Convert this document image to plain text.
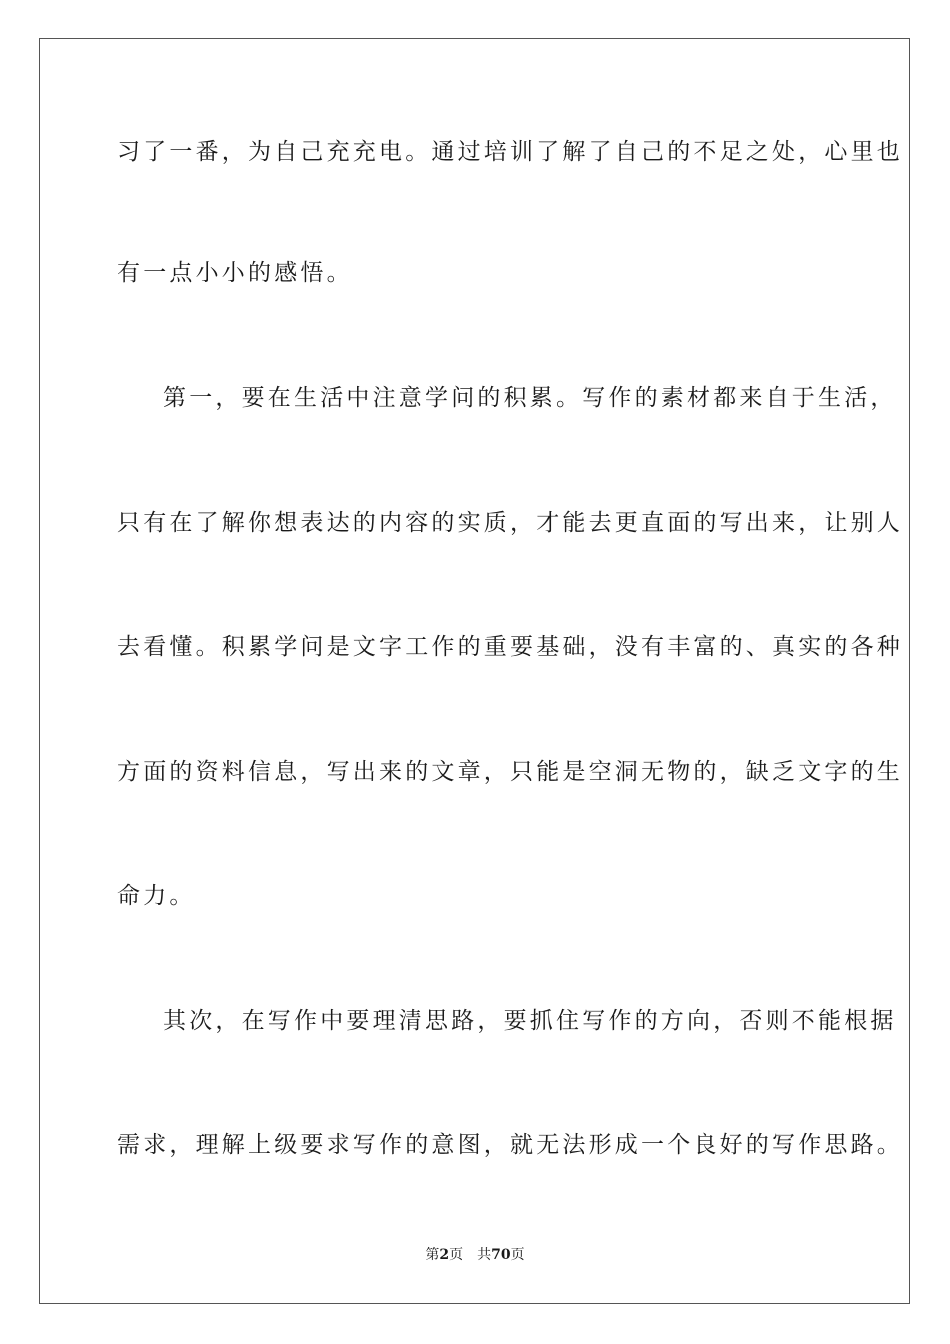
习了一番，为自己充充电。通过培训了解了自己的不足之处，心里也
有一点小小的感悟。
第一，要在生活中注意学问的积累。写作的素材都来自于生活，
只有在了解你想表达的内容的实质，才能去更直面的写出来，让别人
去看懂。积累学问是文字工作的重要基础，没有丰富的、真实的各种
方面的资料信息，写出来的文章，只能是空洞无物的，缺乏文字的生
命力。
其次，在写作中要理清思路，要抓住写作的方向，否则不能根据
需求，理解上级要求写作的意图，就无法形成一个良好的写作思路。
第2页 共70页
